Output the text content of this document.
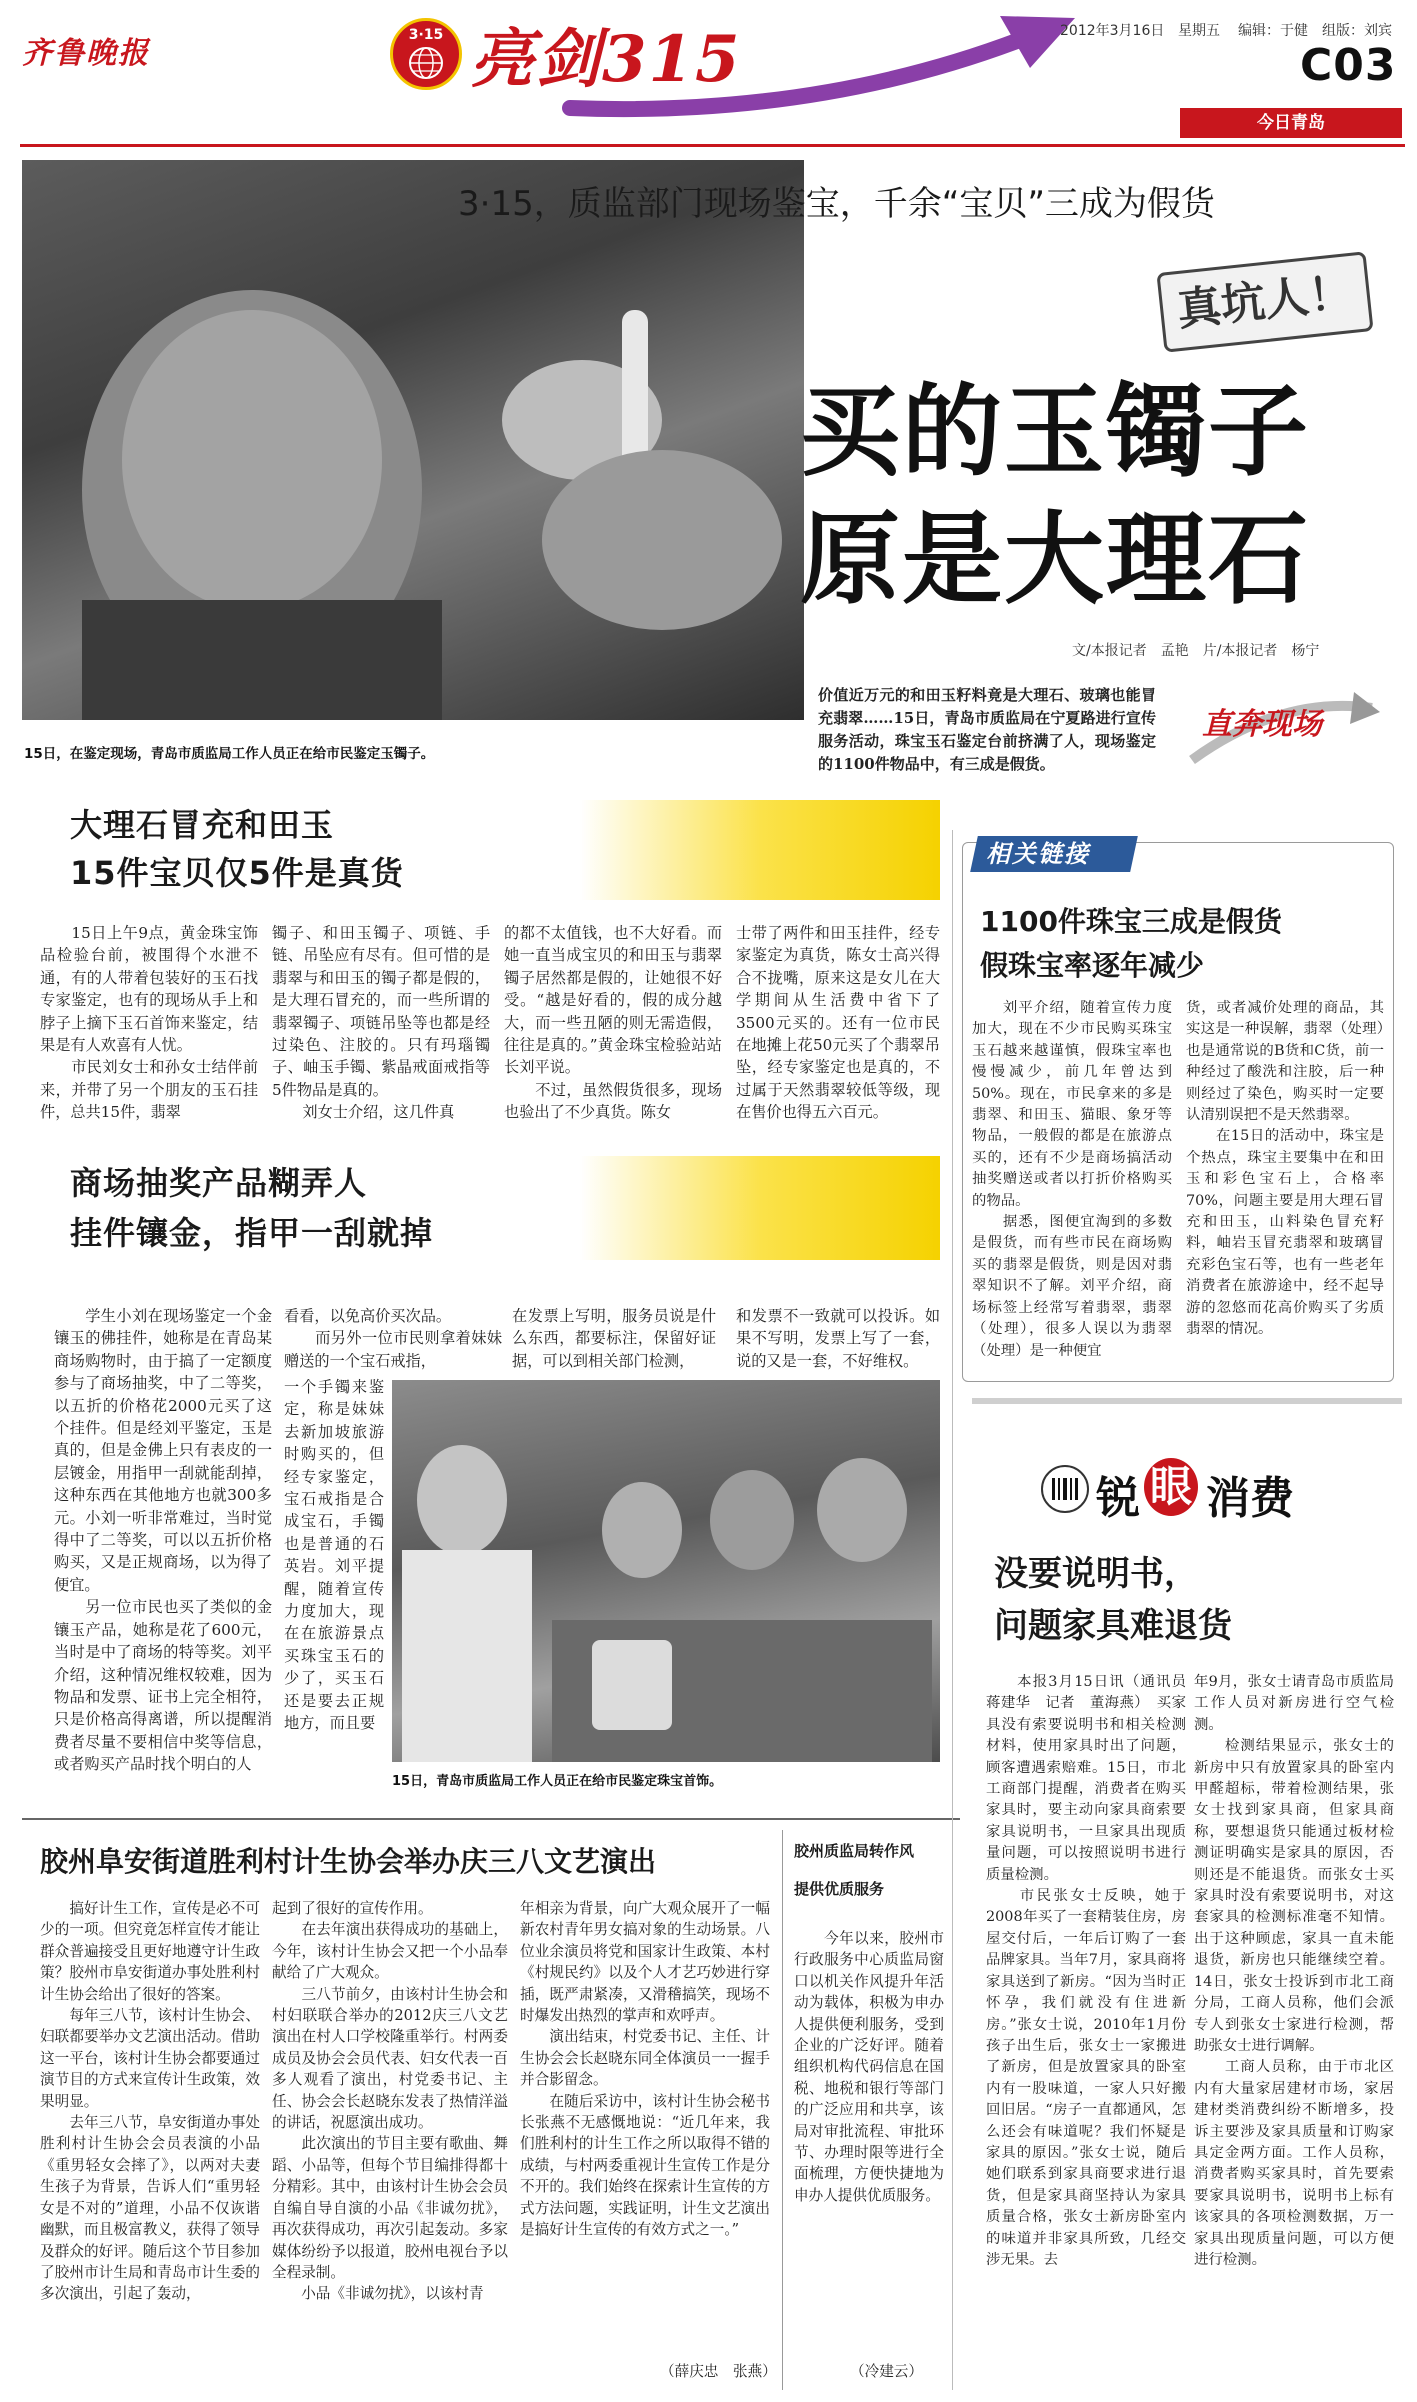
齐鲁晚报
3·15 亮剑315	2012年3月16日 星期五 编辑：于健 组版：刘宾
C03
今日青岛
15日，在鉴定现场，青岛市质监局工作人员正在给市民鉴定玉镯子。
3·15，质监部门现场鉴宝，千余“宝贝”三成为假货
真坑人！
买的玉镯子
原是大理石
文/本报记者　孟艳　片/本报记者　杨宁
价值近万元的和田玉籽料竟是大理石、玻璃也能冒充翡翠……15日，青岛市质监局在宁夏路进行宣传服务活动，珠宝玉石鉴定台前挤满了人，现场鉴定的1100件物品中，有三成是假货。
直奔现场
大理石冒充和田玉
15件宝贝仅5件是真货
　　15日上午9点，黄金珠宝饰品检验台前，被围得个水泄不通，有的人带着包装好的玉石找专家鉴定，也有的现场从手上和脖子上摘下玉石首饰来鉴定，结果是有人欢喜有人忧。
　　市民刘女士和孙女士结伴前来，并带了另一个朋友的玉石挂件，总共15件，翡翠
镯子、和田玉镯子、项链、手链、吊坠应有尽有。但可惜的是翡翠与和田玉的镯子都是假的，是大理石冒充的，而一些所谓的翡翠镯子、项链吊坠等也都是经过染色、注胶的。只有玛瑙镯子、岫玉手镯、紫晶戒面戒指等5件物品是真的。
　　刘女士介绍，这几件真
的都不太值钱，也不大好看。而她一直当成宝贝的和田玉与翡翠镯子居然都是假的，让她很不好受。“越是好看的，假的成分越大，而一些丑陋的则无需造假，往往是真的。”黄金珠宝检验站站长刘平说。
　　不过，虽然假货很多，现场也验出了不少真货。陈女
士带了两件和田玉挂件，经专家鉴定为真货，陈女士高兴得合不拢嘴，原来这是女儿在大学期间从生活费中省下了3500元买的。还有一位市民在地摊上花50元买了个翡翠吊坠，经专家鉴定也是真的，不过属于天然翡翠较低等级，现在售价也得五六百元。
商场抽奖产品糊弄人
挂件镶金，指甲一刮就掉
　　学生小刘在现场鉴定一个金镶玉的佛挂件，她称是在青岛某商场购物时，由于搞了一定额度参与了商场抽奖，中了二等奖，以五折的价格花2000元买了这个挂件。但是经刘平鉴定，玉是真的，但是金佛上只有表皮的一层镀金，用指甲一刮就能刮掉，这种东西在其他地方也就300多元。小刘一听非常难过，当时觉得中了二等奖，可以以五折价格购买，又是正规商场，以为得了便宜。
　　另一位市民也买了类似的金镶玉产品，她称是花了600元，当时是中了商场的特等奖。刘平介绍，这种情况维权较难，因为物品和发票、证书上完全相符，只是价格高得离谱，所以提醒消费者尽量不要相信中奖等信息，或者购买产品时找个明白的人
看看，以免高价买次品。
　　而另外一位市民则拿着妹妹赠送的一个宝石戒指，
一个手镯来鉴定，称是妹妹去新加坡旅游时购买的，但经专家鉴定，宝石戒指是合成宝石，手镯也是普通的石英岩。刘平提醒，随着宣传力度加大，现在在旅游景点买珠宝玉石的少了，买玉石还是要去正规地方，而且要
在发票上写明，服务员说是什么东西，都要标注，保留好证据，可以到相关部门检测，
和发票不一致就可以投诉。如果不写明，发票上写了一套，说的又是一套，不好维权。
15日，青岛市质监局工作人员正在给市民鉴定珠宝首饰。
相关链接
1100件珠宝三成是假货
假珠宝率逐年减少
　　刘平介绍，随着宣传力度加大，现在不少市民购买珠宝玉石越来越谨慎，假珠宝率也慢慢减少，前几年曾达到50%。现在，市民拿来的多是翡翠、和田玉、猫眼、象牙等物品，一般假的都是在旅游点买的，还有不少是商场搞活动抽奖赠送或者以打折价格购买的物品。
　　据悉，图便宜淘到的多数是假货，而有些市民在商场购买的翡翠是假货，则是因对翡翠知识不了解。刘平介绍，商场标签上经常写着翡翠，翡翠（处理），很多人误以为翡翠（处理）是一种便宜
货，或者减价处理的商品，其实这是一种误解，翡翠（处理）也是通常说的B货和C货，前一种经过了酸洗和注胶，后一种则经过了染色，购买时一定要认清别误把不是天然翡翠。
　　在15日的活动中，珠宝是个热点，珠宝主要集中在和田玉和彩色宝石上，合格率70%，问题主要是用大理石冒充和田玉，山料染色冒充籽料，岫岩玉冒充翡翠和玻璃冒充彩色宝石等，也有一些老年消费者在旅游途中，经不起导游的忽悠而花高价购买了劣质翡翠的情况。
锐 眼 消费
没要说明书，
问题家具难退货
　　本报3月15日讯（通讯员　蒋建华　记者　董海燕）　买家具没有索要说明书和相关检测材料，使用家具时出了问题，顾客遭遇索赔难。15日，市北工商部门提醒，消费者在购买家具时，要主动向家具商索要家具说明书，一旦家具出现质量问题，可以按照说明书进行质量检测。
　　市民张女士反映，她于2008年买了一套精装住房，房屋交付后，一年后订购了一套品牌家具。当年7月，家具商将家具送到了新房。“因为当时正怀孕，我们就没有住进新房。”张女士说，2010年1月份孩子出生后，张女士一家搬进了新房，但是放置家具的卧室内有一股味道，一家人只好搬回旧居。“房子一直都通风，怎么还会有味道呢？我们怀疑是家具的原因。”张女士说，随后她们联系到家具商要求进行退货，但是家具商坚持认为家具质量合格，张女士新房卧室内的味道并非家具所致，几经交涉无果。去
年9月，张女士请青岛市质监局工作人员对新房进行空气检测。
　　检测结果显示，张女士的新房中只有放置家具的卧室内甲醛超标，带着检测结果，张女士找到家具商，但家具商称，要想退货只能通过板材检测证明确实是家具的原因，否则还是不能退货。而张女士买家具时没有索要说明书，对这套家具的检测标准毫不知情。出于这种顾虑，家具一直未能退货，新房也只能继续空着。14日，张女士投诉到市北工商分局，工商人员称，他们会派专人到张女士家进行检测，帮助张女士进行调解。
　　工商人员称，由于市北区内有大量家居建材市场，家居建材类消费纠纷不断增多，投诉主要涉及家具质量和订购家具定金两方面。工作人员称，消费者购买家具时，首先要索要家具说明书，说明书上标有该家具的各项检测数据，万一家具出现质量问题，可以方便进行检测。
胶州阜安街道胜利村计生协会举办庆三八文艺演出
　　搞好计生工作，宣传是必不可少的一项。但究竟怎样宣传才能让群众普遍接受且更好地遵守计生政策？胶州市阜安街道办事处胜利村计生协会给出了很好的答案。
　　每年三八节，该村计生协会、妇联都要举办文艺演出活动。借助这一平台，该村计生协会都要通过演节目的方式来宣传计生政策，效果明显。
　　去年三八节，阜安街道办事处胜利村计生协会会员表演的小品《重男轻女会摔了》，以两对夫妻生孩子为背景，告诉人们“重男轻女是不对的”道理，小品不仅诙谐幽默，而且极富教义，获得了领导及群众的好评。随后这个节目参加了胶州市计生局和青岛市计生委的多次演出，引起了轰动，
起到了很好的宣传作用。
　　在去年演出获得成功的基础上，今年，该村计生协会又把一个小品奉献给了广大观众。
　　三八节前夕，由该村计生协会和村妇联联合举办的2012庆三八文艺演出在村人口学校隆重举行。村两委成员及协会会员代表、妇女代表一百多人观看了演出，村党委书记、主任、协会会长赵晓东发表了热情洋溢的讲话，祝愿演出成功。
　　此次演出的节目主要有歌曲、舞蹈、小品等，但每个节目编排得都十分精彩。其中，由该村计生协会会员自编自导自演的小品《非诚勿扰》，再次获得成功，再次引起轰动。多家媒体纷纷予以报道，胶州电视台予以全程录制。
　　小品《非诚勿扰》，以该村青
年相亲为背景，向广大观众展开了一幅新农村青年男女搞对象的生动场景。八位业余演员将党和国家计生政策、本村《村规民约》以及个人才艺巧妙进行穿插，既严肃紧凑，又滑稽搞笑，现场不时爆发出热烈的掌声和欢呼声。
　　演出结束，村党委书记、主任、计生协会会长赵晓东同全体演员一一握手并合影留念。
　　在随后采访中，该村计生协会秘书长张燕不无感慨地说：“近几年来，我们胜利村的计生工作之所以取得不错的成绩，与村两委重视计生宣传工作是分不开的。我们始终在探索计生宣传的方式方法问题，实践证明，计生文艺演出是搞好计生宣传的有效方式之一。”
（薛庆忠　张燕）
胶州质监局转作风
提供优质服务
　　今年以来，胶州市行政服务中心质监局窗口以机关作风提升年活动为载体，积极为申办人提供便利服务，受到企业的广泛好评。随着组织机构代码信息在国税、地税和银行等部门的广泛应用和共享，该局对审批流程、审批环节、办理时限等进行全面梳理，方便快捷地为申办人提供优质服务。
（冷建云）
